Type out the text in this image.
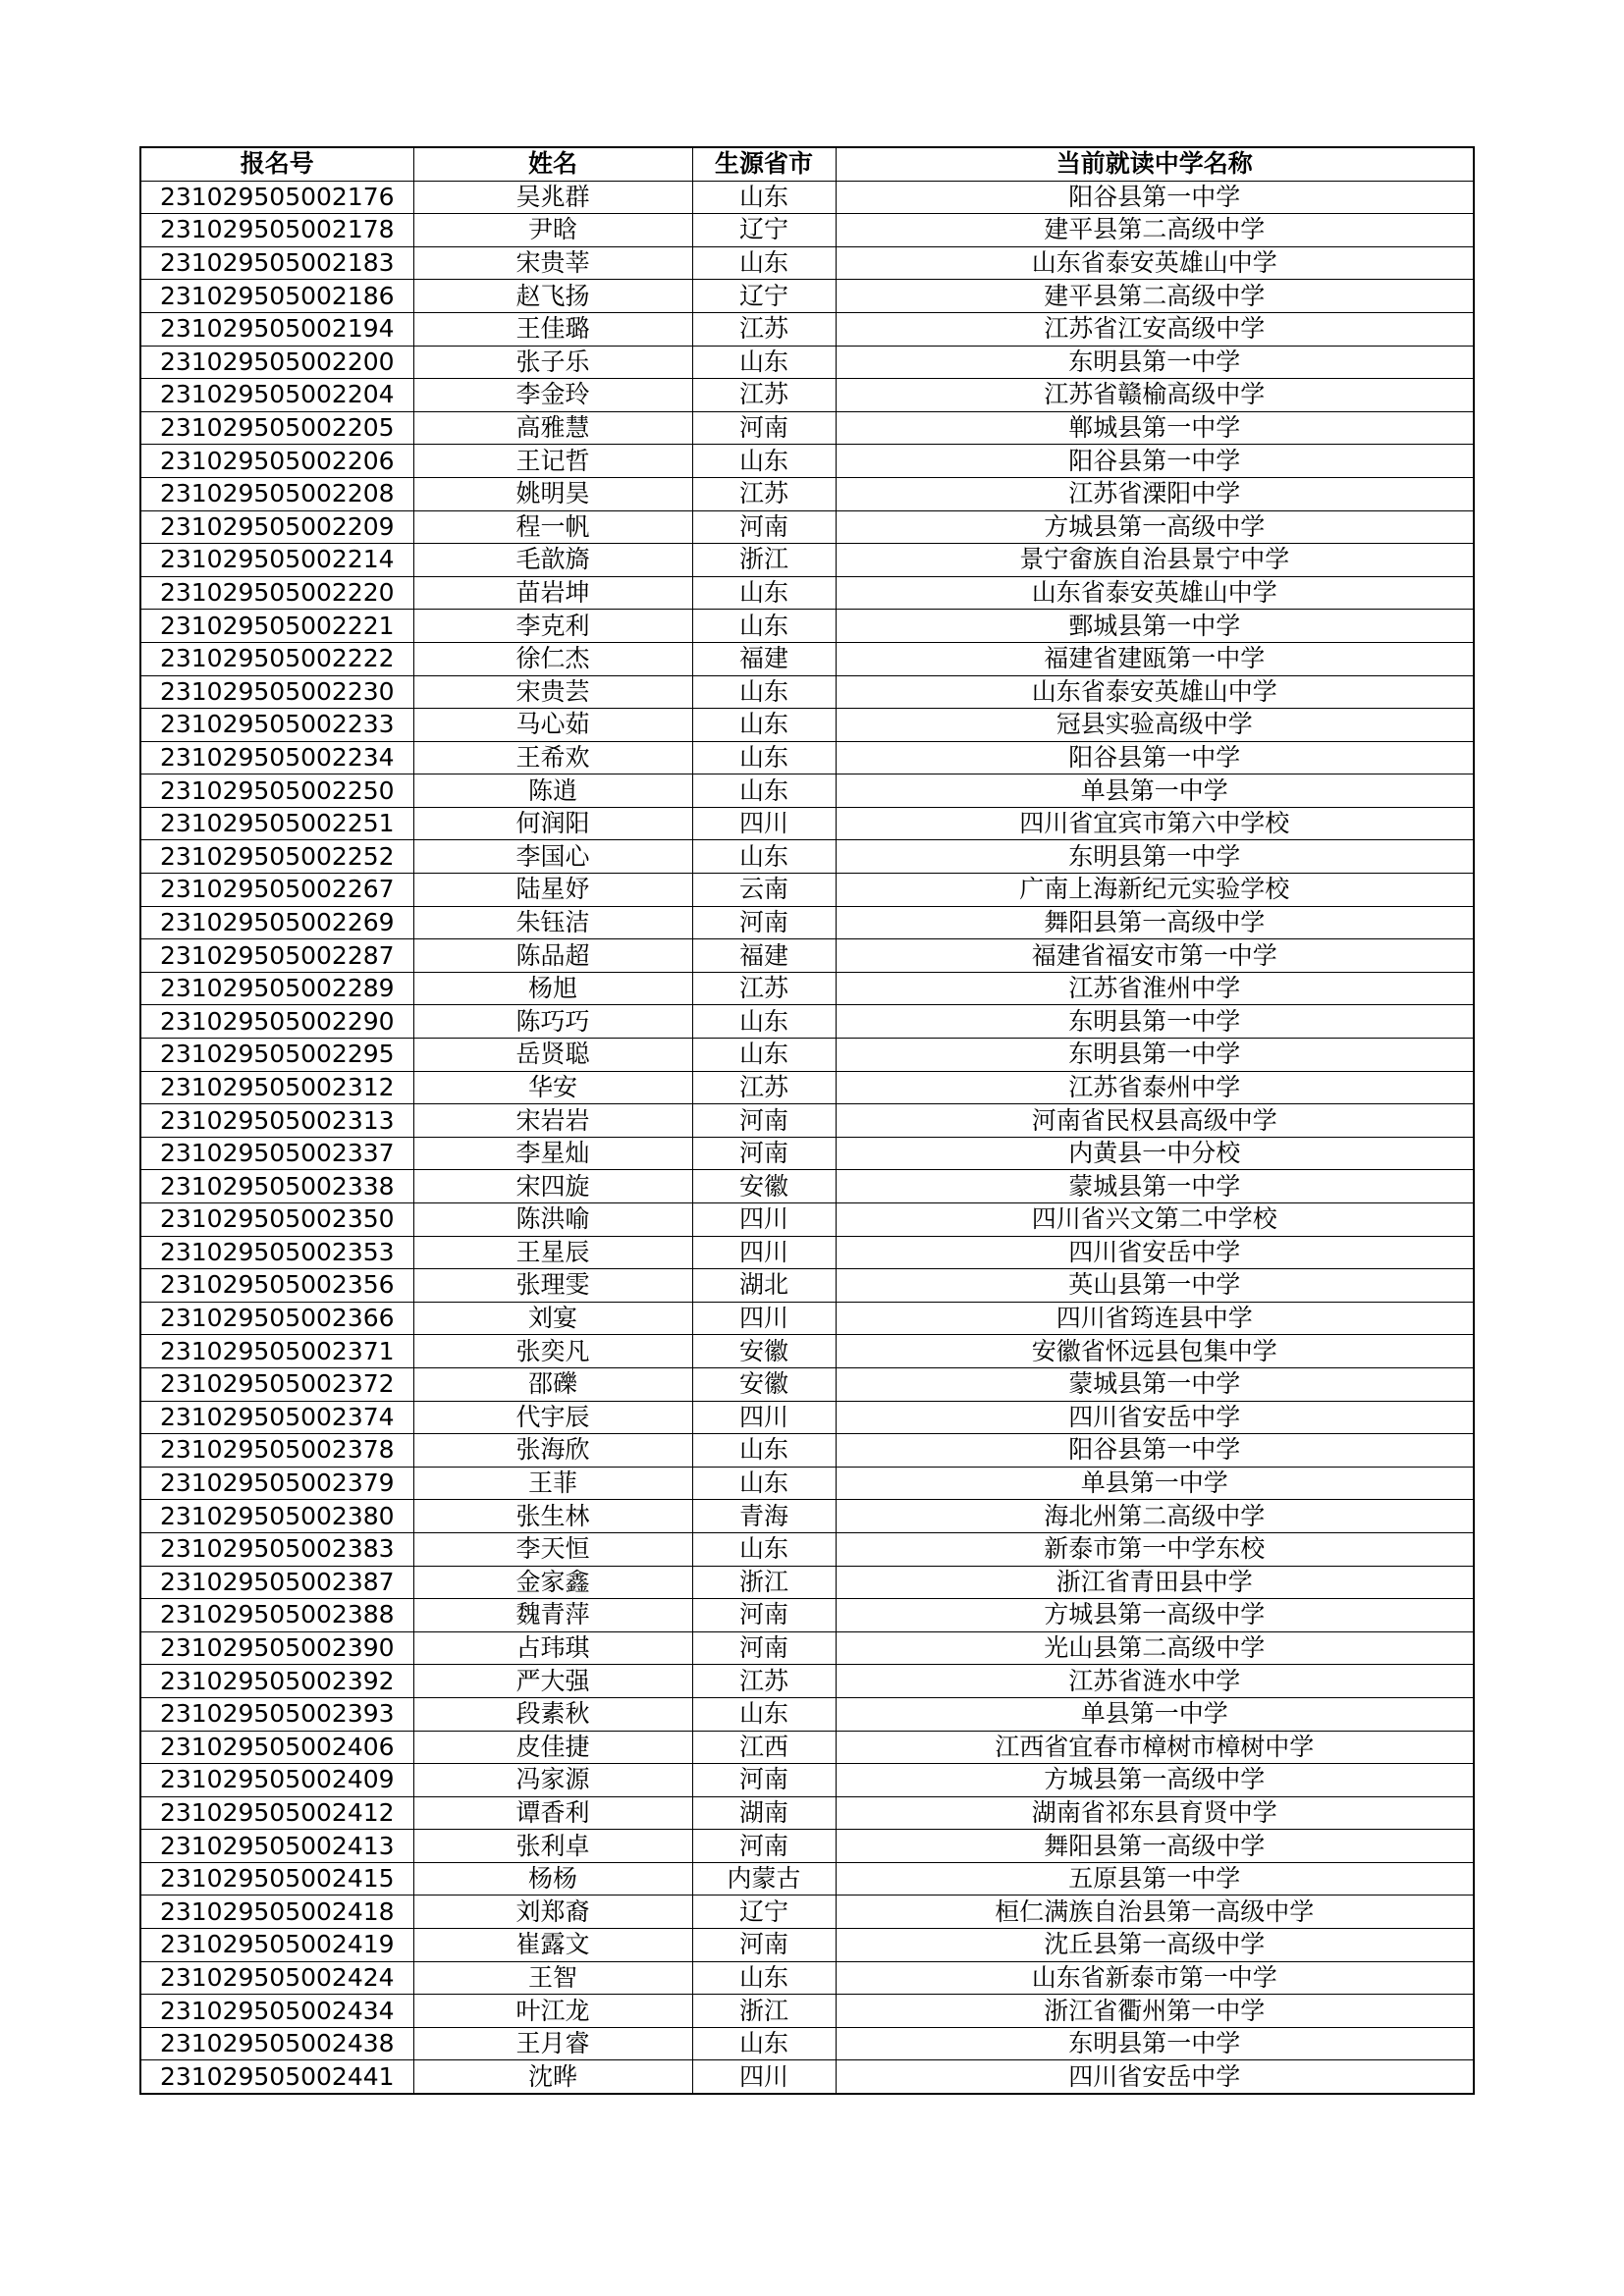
报名号	姓名	生源省市	当前就读中学名称
231029505002176	吴兆群	山东	阳谷县第一中学
231029505002178	尹晗	辽宁	建平县第二高级中学
231029505002183	宋贵莘	山东	山东省泰安英雄山中学
231029505002186	赵飞扬	辽宁	建平县第二高级中学
231029505002194	王佳璐	江苏	江苏省江安高级中学
231029505002200	张子乐	山东	东明县第一中学
231029505002204	李金玲	江苏	江苏省赣榆高级中学
231029505002205	高雅慧	河南	郸城县第一中学
231029505002206	王记哲	山东	阳谷县第一中学
231029505002208	姚明昊	江苏	江苏省溧阳中学
231029505002209	程一帆	河南	方城县第一高级中学
231029505002214	毛歆旖	浙江	景宁畲族自治县景宁中学
231029505002220	苗岩坤	山东	山东省泰安英雄山中学
231029505002221	李克利	山东	鄄城县第一中学
231029505002222	徐仁杰	福建	福建省建瓯第一中学
231029505002230	宋贵芸	山东	山东省泰安英雄山中学
231029505002233	马心茹	山东	冠县实验高级中学
231029505002234	王希欢	山东	阳谷县第一中学
231029505002250	陈逍	山东	单县第一中学
231029505002251	何润阳	四川	四川省宜宾市第六中学校
231029505002252	李国心	山东	东明县第一中学
231029505002267	陆星妤	云南	广南上海新纪元实验学校
231029505002269	朱钰洁	河南	舞阳县第一高级中学
231029505002287	陈品超	福建	福建省福安市第一中学
231029505002289	杨旭	江苏	江苏省淮州中学
231029505002290	陈巧巧	山东	东明县第一中学
231029505002295	岳贤聪	山东	东明县第一中学
231029505002312	华安	江苏	江苏省泰州中学
231029505002313	宋岩岩	河南	河南省民权县高级中学
231029505002337	李星灿	河南	内黄县一中分校
231029505002338	宋四旋	安徽	蒙城县第一中学
231029505002350	陈洪喻	四川	四川省兴文第二中学校
231029505002353	王星辰	四川	四川省安岳中学
231029505002356	张理雯	湖北	英山县第一中学
231029505002366	刘宴	四川	四川省筠连县中学
231029505002371	张奕凡	安徽	安徽省怀远县包集中学
231029505002372	邵礫	安徽	蒙城县第一中学
231029505002374	代宇辰	四川	四川省安岳中学
231029505002378	张海欣	山东	阳谷县第一中学
231029505002379	王菲	山东	单县第一中学
231029505002380	张生林	青海	海北州第二高级中学
231029505002383	李天恒	山东	新泰市第一中学东校
231029505002387	金家鑫	浙江	浙江省青田县中学
231029505002388	魏青萍	河南	方城县第一高级中学
231029505002390	占玮琪	河南	光山县第二高级中学
231029505002392	严大强	江苏	江苏省涟水中学
231029505002393	段素秋	山东	单县第一中学
231029505002406	皮佳捷	江西	江西省宜春市樟树市樟树中学
231029505002409	冯家源	河南	方城县第一高级中学
231029505002412	谭香利	湖南	湖南省祁东县育贤中学
231029505002413	张利卓	河南	舞阳县第一高级中学
231029505002415	杨杨	内蒙古	五原县第一中学
231029505002418	刘郑裔	辽宁	桓仁满族自治县第一高级中学
231029505002419	崔露文	河南	沈丘县第一高级中学
231029505002424	王智	山东	山东省新泰市第一中学
231029505002434	叶江龙	浙江	浙江省衢州第一中学
231029505002438	王月睿	山东	东明县第一中学
231029505002441	沈晔	四川	四川省安岳中学
